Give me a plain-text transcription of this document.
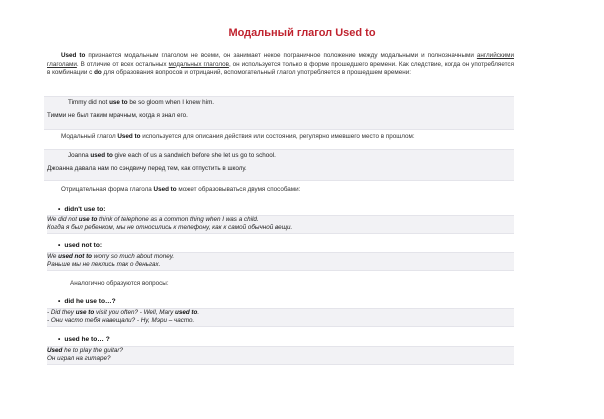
Модальный глагол Used to
Used to признается модальным глаголом не всеми, он занимает некое пограничное положение между модальными и полнозначными английскими глаголами. В отличие от всех остальных модальных глаголов, он используется только в форме прошедшего времени. Как следствие, когда он употребляется в комбинации с do для образования вопросов и отрицаний, вспомогательный глагол употребляется в прошедшем времени:
Timmy did not use to be so gloom when I knew him.
Тимми не был таким мрачным, когда я знал его.
Модальный глагол Used to используется для описания действия или состояния, регулярно имевшего место в прошлом:
Joanna used to give each of us a sandwich before she let us go to school.
Джоанна давала нам по сэндвичу перед тем, как отпустить в школу.
Отрицательная форма глагола Used to может образовываться двумя способами:
• didn't use to:
We did not use to think of telephone as a common thing when I was a child.
Когда я был ребенком, мы не относились к телефону, как к самой обычной вещи.
• used not to:
We used not to worry so much about money.
Раньше мы не пеклись так о деньгах.
Аналогично образуются вопросы:
• did he use to…?
- Did they use to visit you often? - Well, Mary used to.
- Они часто тебя навещали? - Ну, Мэри – часто.
• used he to… ?
Used he to play the guitar?
Он играл на гитаре?
